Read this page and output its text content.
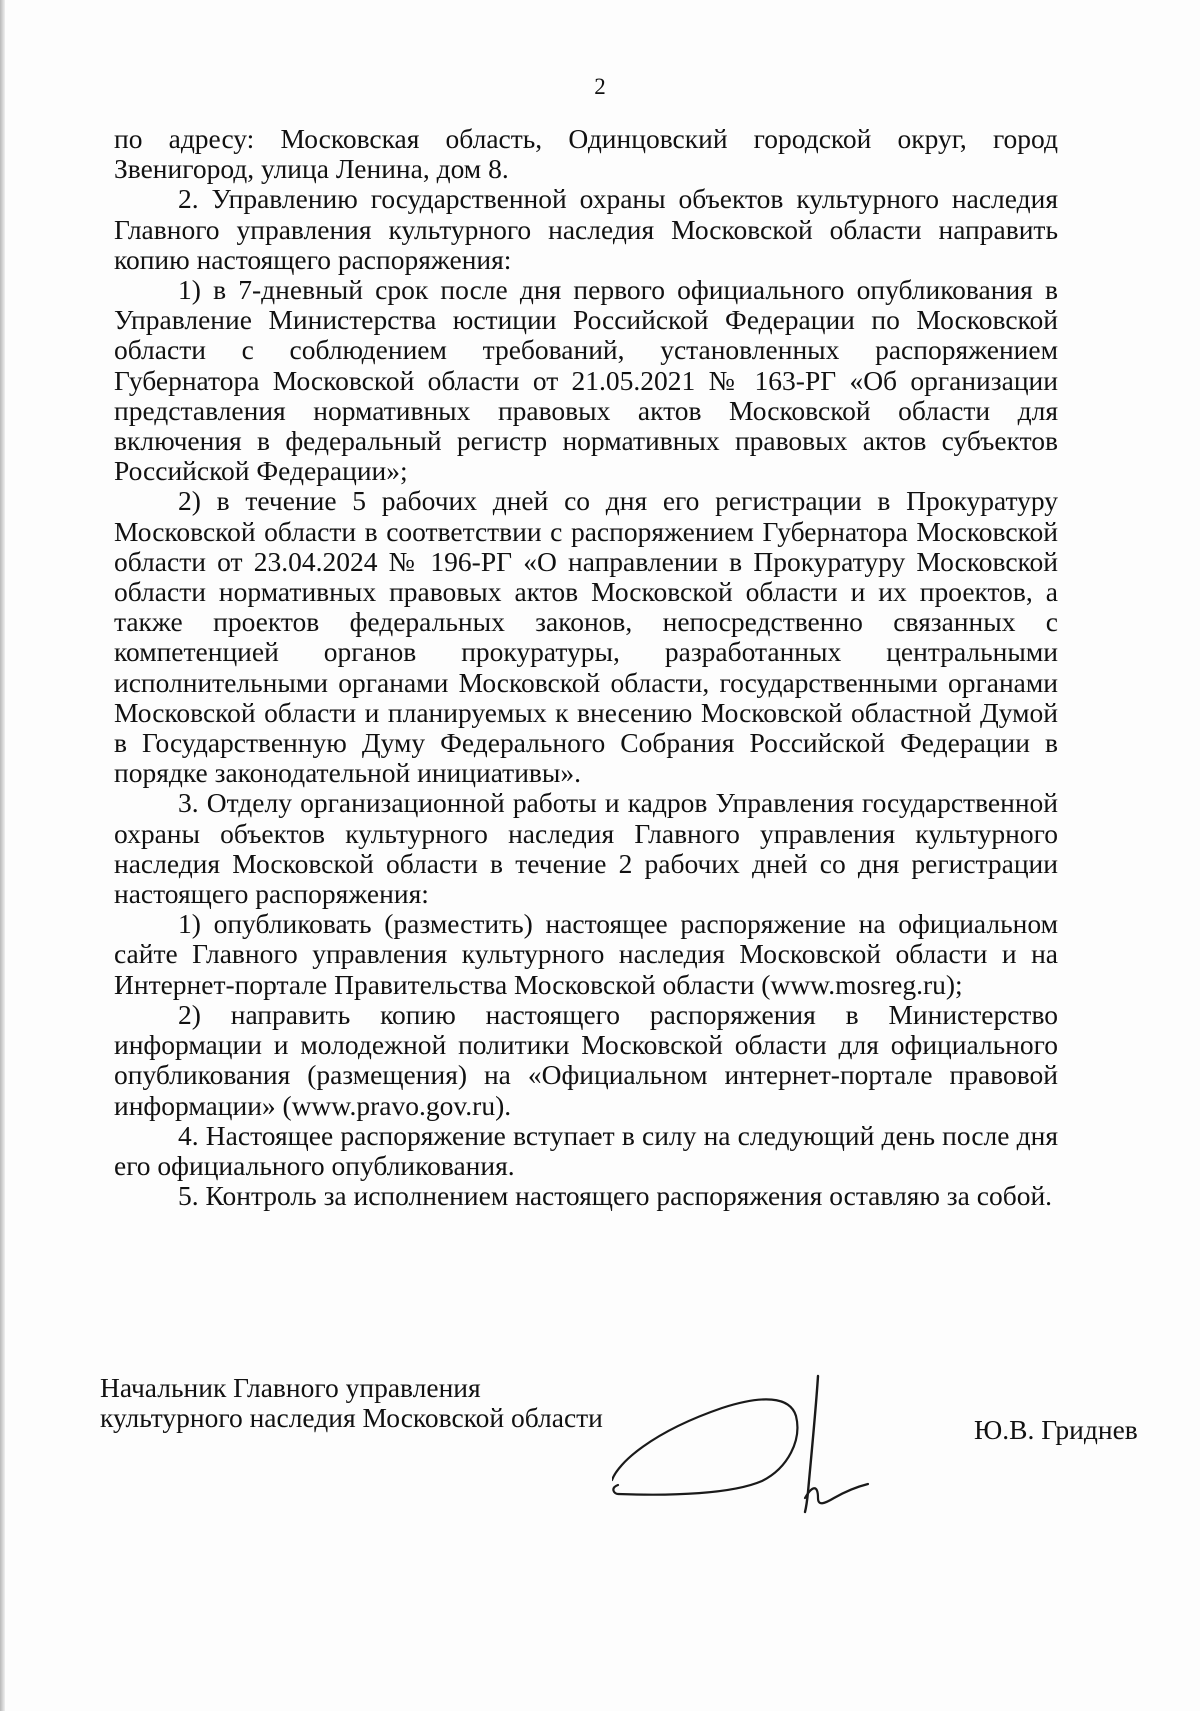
2

по адресу: Московская область, Одинцовский городской округ, город Звенигород, улица Ленина, дом 8.

2. Управлению государственной охраны объектов культурного наследия Главного управления культурного наследия Московской области направить копию настоящего распоряжения:

1) в 7-дневный срок после дня первого официального опубликования в Управление Министерства юстиции Российской Федерации по Московской области с соблюдением требований, установленных распоряжением Губернатора Московской области от 21.05.2021 № 163-РГ «Об организации представления нормативных правовых актов Московской области для включения в федеральный регистр нормативных правовых актов субъектов Российской Федерации»;

2) в течение 5 рабочих дней со дня его регистрации в Прокуратуру Московской области в соответствии с распоряжением Губернатора Московской области от 23.04.2024 № 196-РГ «О направлении в Прокуратуру Московской области нормативных правовых актов Московской области и их проектов, а также проектов федеральных законов, непосредственно связанных с компетенцией органов прокуратуры, разработанных центральными исполнительными органами Московской области, государственными органами Московской области и планируемых к внесению Московской областной Думой в Государственную Думу Федерального Собрания Российской Федерации в порядке законодательной инициативы».

3. Отделу организационной работы и кадров Управления государственной охраны объектов культурного наследия Главного управления культурного наследия Московской области в течение 2 рабочих дней со дня регистрации настоящего распоряжения:

1) опубликовать (разместить) настоящее распоряжение на официальном сайте Главного управления культурного наследия Московской области и на Интернет-портале Правительства Московской области (www.mosreg.ru);

2) направить копию настоящего распоряжения в Министерство информации и молодежной политики Московской области для официального опубликования (размещения) на «Официальном интернет-портале правовой информации» (www.pravo.gov.ru).

4. Настоящее распоряжение вступает в силу на следующий день после дня его официального опубликования.

5. Контроль за исполнением настоящего распоряжения оставляю за собой.

Начальник Главного управления
культурного наследия Московской области	Ю.В. Гриднев
